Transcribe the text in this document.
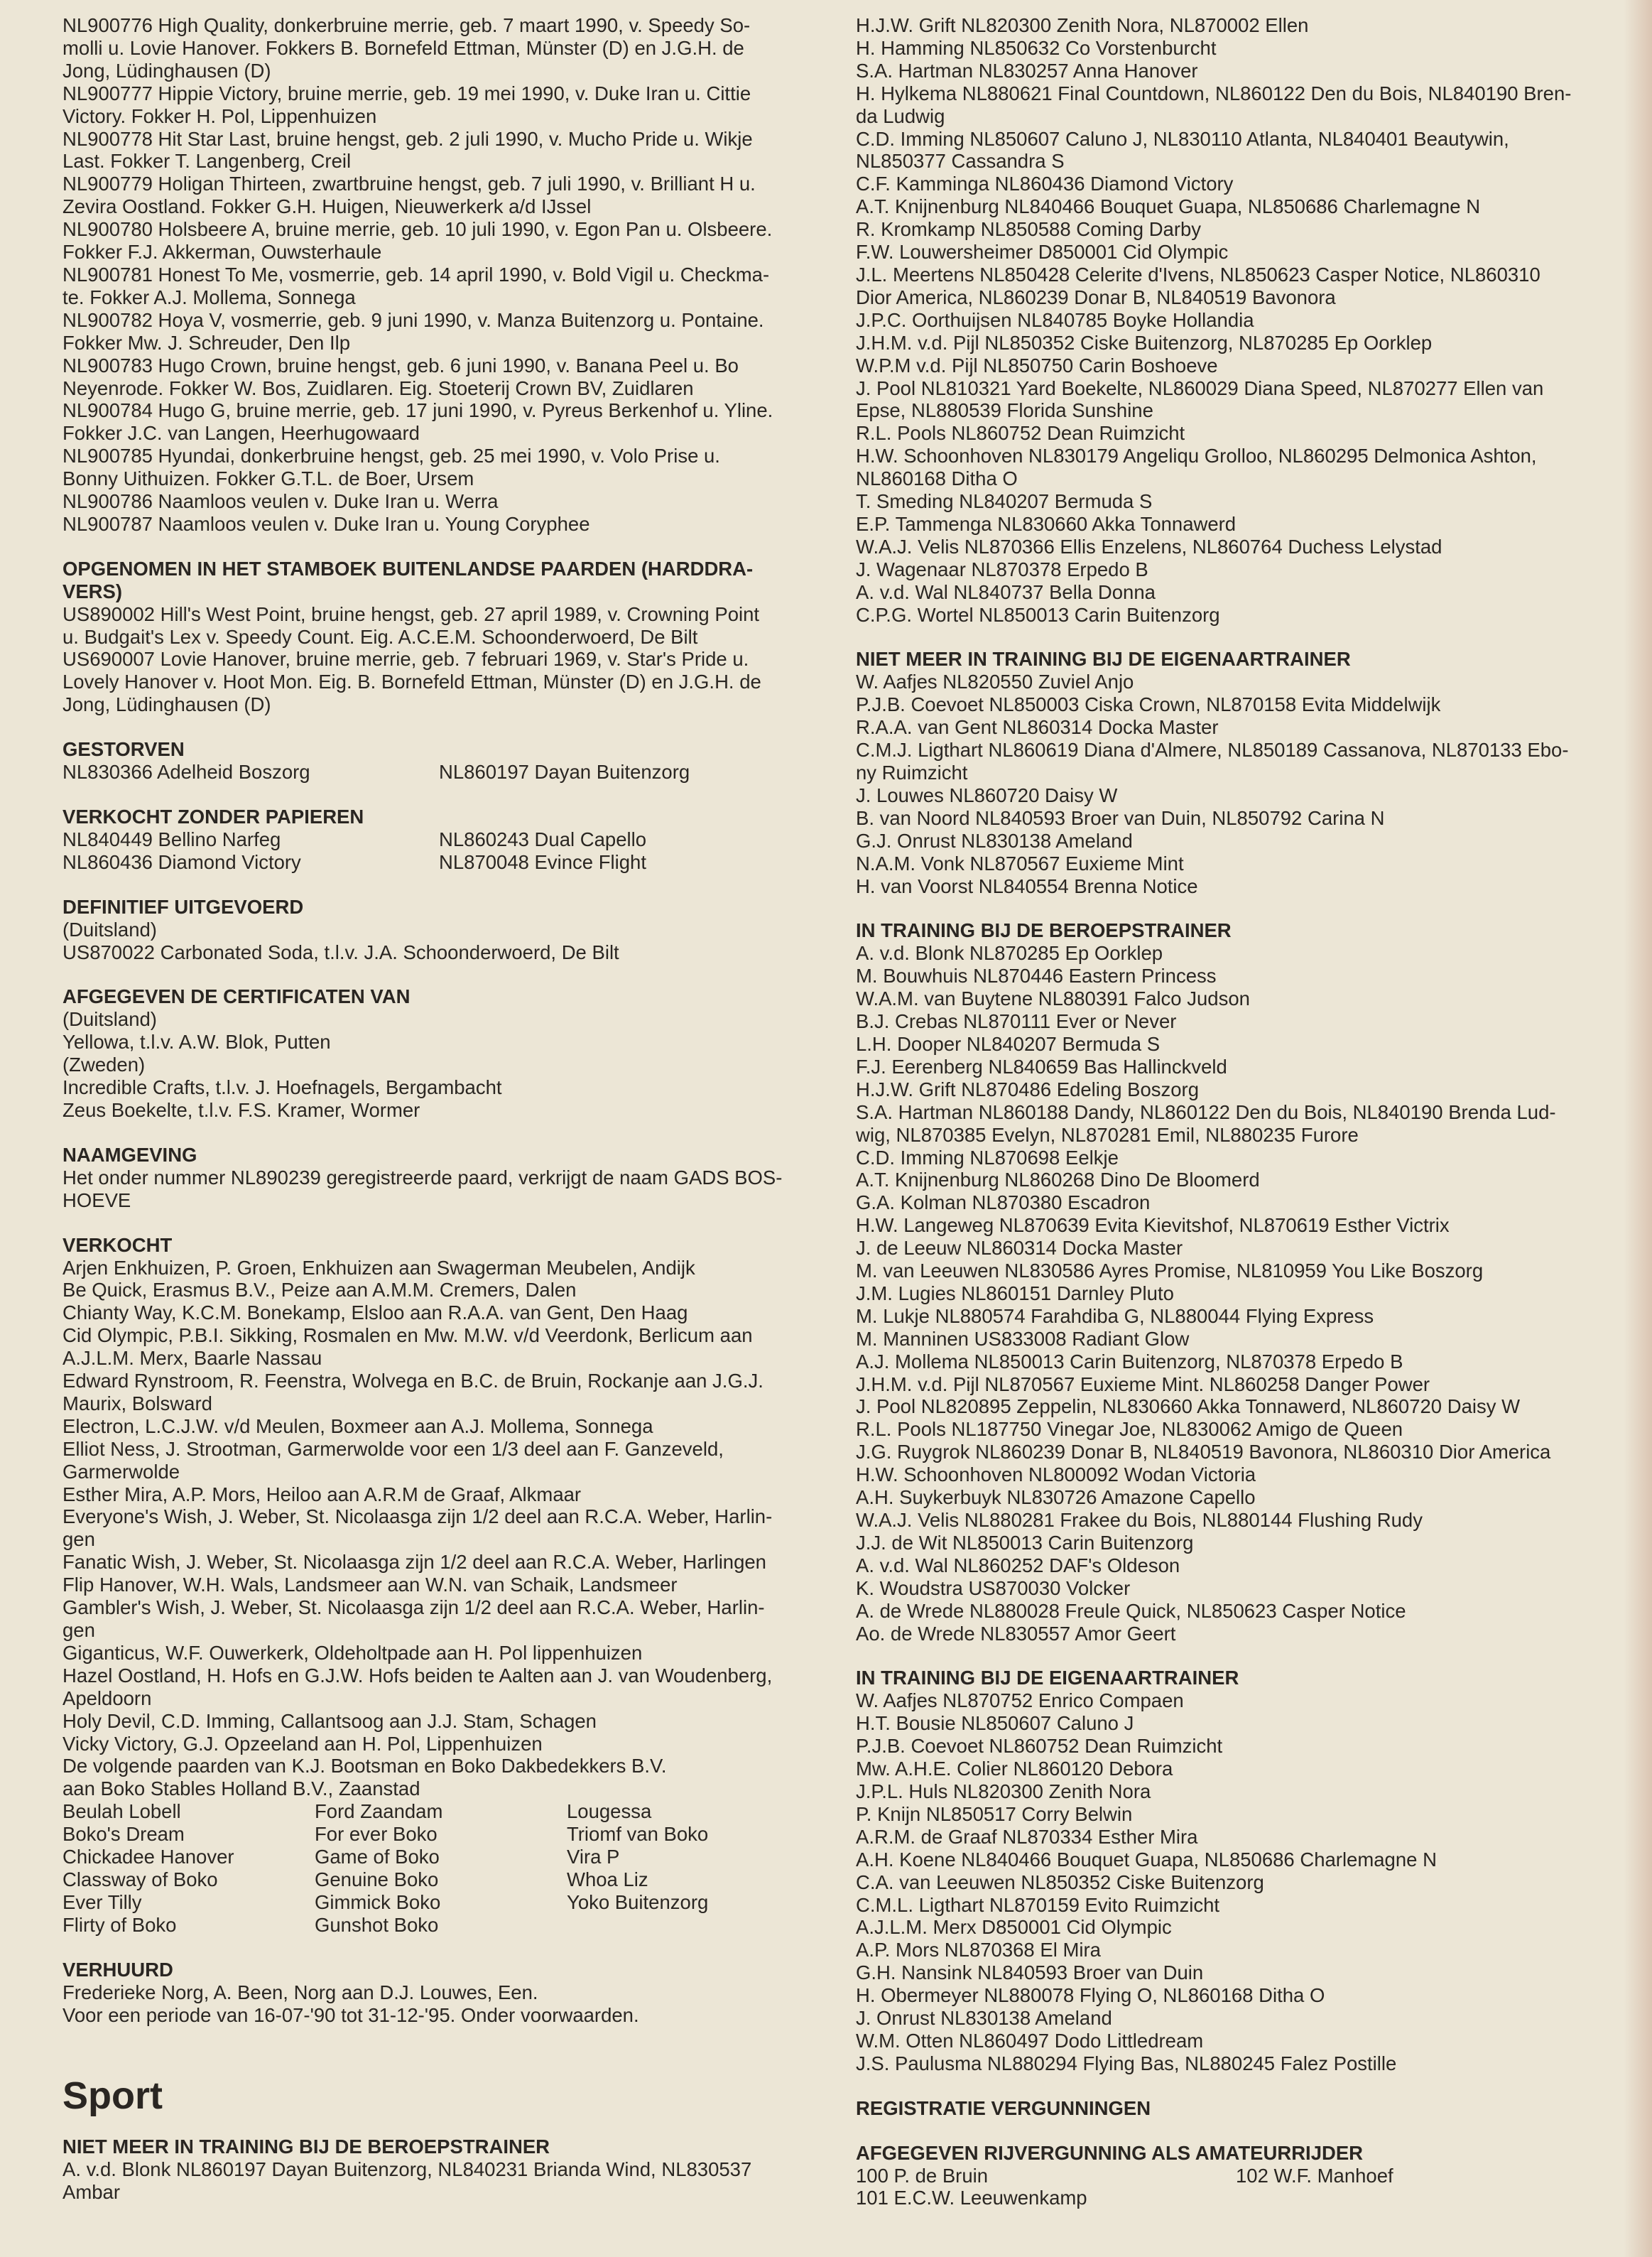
NL900776 High Quality, donkerbruine merrie, geb. 7 maart 1990, v. Speedy So-
molli u. Lovie Hanover. Fokkers B. Bornefeld Ettman, Münster (D) en J.G.H. de
Jong, Lüdinghausen (D)
NL900777 Hippie Victory, bruine merrie, geb. 19 mei 1990, v. Duke Iran u. Cittie
Victory. Fokker H. Pol, Lippenhuizen
NL900778 Hit Star Last, bruine hengst, geb. 2 juli 1990, v. Mucho Pride u. Wikje
Last. Fokker T. Langenberg, Creil
NL900779 Holigan Thirteen, zwartbruine hengst, geb. 7 juli 1990, v. Brilliant H u.
Zevira Oostland. Fokker G.H. Huigen, Nieuwerkerk a/d IJssel
NL900780 Holsbeere A, bruine merrie, geb. 10 juli 1990, v. Egon Pan u. Olsbeere.
Fokker F.J. Akkerman, Ouwsterhaule
NL900781 Honest To Me, vosmerrie, geb. 14 april 1990, v. Bold Vigil u. Checkma-
te. Fokker A.J. Mollema, Sonnega
NL900782 Hoya V, vosmerrie, geb. 9 juni 1990, v. Manza Buitenzorg u. Pontaine.
Fokker Mw. J. Schreuder, Den Ilp
NL900783 Hugo Crown, bruine hengst, geb. 6 juni 1990, v. Banana Peel u. Bo
Neyenrode. Fokker W. Bos, Zuidlaren. Eig. Stoeterij Crown BV, Zuidlaren
NL900784 Hugo G, bruine merrie, geb. 17 juni 1990, v. Pyreus Berkenhof u. Yline.
Fokker J.C. van Langen, Heerhugowaard
NL900785 Hyundai, donkerbruine hengst, geb. 25 mei 1990, v. Volo Prise u.
Bonny Uithuizen. Fokker G.T.L. de Boer, Ursem
NL900786 Naamloos veulen v. Duke Iran u. Werra
NL900787 Naamloos veulen v. Duke Iran u. Young Coryphee
OPGENOMEN IN HET STAMBOEK BUITENLANDSE PAARDEN (HARDDRA-
VERS)
US890002 Hill's West Point, bruine hengst, geb. 27 april 1989, v. Crowning Point
u. Budgait's Lex v. Speedy Count. Eig. A.C.E.M. Schoonderwoerd, De Bilt
US690007 Lovie Hanover, bruine merrie, geb. 7 februari 1969, v. Star's Pride u.
Lovely Hanover v. Hoot Mon. Eig. B. Bornefeld Ettman, Münster (D) en J.G.H. de
Jong, Lüdinghausen (D)
GESTORVEN
NL830366 Adelheid Boszorg	NL860197 Dayan Buitenzorg
VERKOCHT ZONDER PAPIEREN
NL840449 Bellino Narfeg	NL860243 Dual Capello
NL860436 Diamond Victory	NL870048 Evince Flight
DEFINITIEF UITGEVOERD
(Duitsland)
US870022 Carbonated Soda, t.l.v. J.A. Schoonderwoerd, De Bilt
AFGEGEVEN DE CERTIFICATEN VAN
(Duitsland)
Yellowa, t.l.v. A.W. Blok, Putten
(Zweden)
Incredible Crafts, t.l.v. J. Hoefnagels, Bergambacht
Zeus Boekelte, t.l.v. F.S. Kramer, Wormer
NAAMGEVING
Het onder nummer NL890239 geregistreerde paard, verkrijgt de naam GADS BOS-
HOEVE
VERKOCHT
Arjen Enkhuizen, P. Groen, Enkhuizen aan Swagerman Meubelen, Andijk
Be Quick, Erasmus B.V., Peize aan A.M.M. Cremers, Dalen
Chianty Way, K.C.M. Bonekamp, Elsloo aan R.A.A. van Gent, Den Haag
Cid Olympic, P.B.I. Sikking, Rosmalen en Mw. M.W. v/d Veerdonk, Berlicum aan
A.J.L.M. Merx, Baarle Nassau
Edward Rynstroom, R. Feenstra, Wolvega en B.C. de Bruin, Rockanje aan J.G.J.
Maurix, Bolsward
Electron, L.C.J.W. v/d Meulen, Boxmeer aan A.J. Mollema, Sonnega
Elliot Ness, J. Strootman, Garmerwolde voor een 1/3 deel aan F. Ganzeveld,
Garmerwolde
Esther Mira, A.P. Mors, Heiloo aan A.R.M de Graaf, Alkmaar
Everyone's Wish, J. Weber, St. Nicolaasga zijn 1/2 deel aan R.C.A. Weber, Harlin-
gen
Fanatic Wish, J. Weber, St. Nicolaasga zijn 1/2 deel aan R.C.A. Weber, Harlingen
Flip Hanover, W.H. Wals, Landsmeer aan W.N. van Schaik, Landsmeer
Gambler's Wish, J. Weber, St. Nicolaasga zijn 1/2 deel aan R.C.A. Weber, Harlin-
gen
Giganticus, W.F. Ouwerkerk, Oldeholtpade aan H. Pol lippenhuizen
Hazel Oostland, H. Hofs en G.J.W. Hofs beiden te Aalten aan J. van Woudenberg,
Apeldoorn
Holy Devil, C.D. Imming, Callantsoog aan J.J. Stam, Schagen
Vicky Victory, G.J. Opzeeland aan H. Pol, Lippenhuizen
De volgende paarden van K.J. Bootsman en Boko Dakbedekkers B.V.
aan Boko Stables Holland B.V., Zaanstad
Beulah Lobell	Ford Zaandam	Lougessa
Boko's Dream	For ever Boko	Triomf van Boko
Chickadee Hanover	Game of Boko	Vira P
Classway of Boko	Genuine Boko	Whoa Liz
Ever Tilly	Gimmick Boko	Yoko Buitenzorg
Flirty of Boko	Gunshot Boko
VERHUURD
Frederieke Norg, A. Been, Norg aan D.J. Louwes, Een.
Voor een periode van 16-07-'90 tot 31-12-'95. Onder voorwaarden.
Sport
NIET MEER IN TRAINING BIJ DE BEROEPSTRAINER
A. v.d. Blonk NL860197 Dayan Buitenzorg, NL840231 Brianda Wind, NL830537
Ambar
H.J.W. Grift NL820300 Zenith Nora, NL870002 Ellen
H. Hamming NL850632 Co Vorstenburcht
S.A. Hartman NL830257 Anna Hanover
H. Hylkema NL880621 Final Countdown, NL860122 Den du Bois, NL840190 Bren-
da Ludwig
C.D. Imming NL850607 Caluno J, NL830110 Atlanta, NL840401 Beautywin,
NL850377 Cassandra S
C.F. Kamminga NL860436 Diamond Victory
A.T. Knijnenburg NL840466 Bouquet Guapa, NL850686 Charlemagne N
R. Kromkamp NL850588 Coming Darby
F.W. Louwersheimer D850001 Cid Olympic
J.L. Meertens NL850428 Celerite d'Ivens, NL850623 Casper Notice, NL860310
Dior America, NL860239 Donar B, NL840519 Bavonora
J.P.C. Oorthuijsen NL840785 Boyke Hollandia
J.H.M. v.d. Pijl NL850352 Ciske Buitenzorg, NL870285 Ep Oorklep
W.P.M v.d. Pijl NL850750 Carin Boshoeve
J. Pool NL810321 Yard Boekelte, NL860029 Diana Speed, NL870277 Ellen van
Epse, NL880539 Florida Sunshine
R.L. Pools NL860752 Dean Ruimzicht
H.W. Schoonhoven NL830179 Angeliqu Grolloo, NL860295 Delmonica Ashton,
NL860168 Ditha O
T. Smeding NL840207 Bermuda S
E.P. Tammenga NL830660 Akka Tonnawerd
W.A.J. Velis NL870366 Ellis Enzelens, NL860764 Duchess Lelystad
J. Wagenaar NL870378 Erpedo B
A. v.d. Wal NL840737 Bella Donna
C.P.G. Wortel NL850013 Carin Buitenzorg
NIET MEER IN TRAINING BIJ DE EIGENAARTRAINER
W. Aafjes NL820550 Zuviel Anjo
P.J.B. Coevoet NL850003 Ciska Crown, NL870158 Evita Middelwijk
R.A.A. van Gent NL860314 Docka Master
C.M.J. Ligthart NL860619 Diana d'Almere, NL850189 Cassanova, NL870133 Ebo-
ny Ruimzicht
J. Louwes NL860720 Daisy W
B. van Noord NL840593 Broer van Duin, NL850792 Carina N
G.J. Onrust NL830138 Ameland
N.A.M. Vonk NL870567 Euxieme Mint
H. van Voorst NL840554 Brenna Notice
IN TRAINING BIJ DE BEROEPSTRAINER
A. v.d. Blonk NL870285 Ep Oorklep
M. Bouwhuis NL870446 Eastern Princess
W.A.M. van Buytene NL880391 Falco Judson
B.J. Crebas NL870111 Ever or Never
L.H. Dooper NL840207 Bermuda S
F.J. Eerenberg NL840659 Bas Hallinckveld
H.J.W. Grift NL870486 Edeling Boszorg
S.A. Hartman NL860188 Dandy, NL860122 Den du Bois, NL840190 Brenda Lud-
wig, NL870385 Evelyn, NL870281 Emil, NL880235 Furore
C.D. Imming NL870698 Eelkje
A.T. Knijnenburg NL860268 Dino De Bloomerd
G.A. Kolman NL870380 Escadron
H.W. Langeweg NL870639 Evita Kievitshof, NL870619 Esther Victrix
J. de Leeuw NL860314 Docka Master
M. van Leeuwen NL830586 Ayres Promise, NL810959 You Like Boszorg
J.M. Lugies NL860151 Darnley Pluto
M. Lukje NL880574 Farahdiba G, NL880044 Flying Express
M. Manninen US833008 Radiant Glow
A.J. Mollema NL850013 Carin Buitenzorg, NL870378 Erpedo B
J.H.M. v.d. Pijl NL870567 Euxieme Mint. NL860258 Danger Power
J. Pool NL820895 Zeppelin, NL830660 Akka Tonnawerd, NL860720 Daisy W
R.L. Pools NL187750 Vinegar Joe, NL830062 Amigo de Queen
J.G. Ruygrok NL860239 Donar B, NL840519 Bavonora, NL860310 Dior America
H.W. Schoonhoven NL800092 Wodan Victoria
A.H. Suykerbuyk NL830726 Amazone Capello
W.A.J. Velis NL880281 Frakee du Bois, NL880144 Flushing Rudy
J.J. de Wit NL850013 Carin Buitenzorg
A. v.d. Wal NL860252 DAF's Oldeson
K. Woudstra US870030 Volcker
A. de Wrede NL880028 Freule Quick, NL850623 Casper Notice
Ao. de Wrede NL830557 Amor Geert
IN TRAINING BIJ DE EIGENAARTRAINER
W. Aafjes NL870752 Enrico Compaen
H.T. Bousie NL850607 Caluno J
P.J.B. Coevoet NL860752 Dean Ruimzicht
Mw. A.H.E. Colier NL860120 Debora
J.P.L. Huls NL820300 Zenith Nora
P. Knijn NL850517 Corry Belwin
A.R.M. de Graaf NL870334 Esther Mira
A.H. Koene NL840466 Bouquet Guapa, NL850686 Charlemagne N
C.A. van Leeuwen NL850352 Ciske Buitenzorg
C.M.L. Ligthart NL870159 Evito Ruimzicht
A.J.L.M. Merx D850001 Cid Olympic
A.P. Mors NL870368 El Mira
G.H. Nansink NL840593 Broer van Duin
H. Obermeyer NL880078 Flying O, NL860168 Ditha O
J. Onrust NL830138 Ameland
W.M. Otten NL860497 Dodo Littledream
J.S. Paulusma NL880294 Flying Bas, NL880245 Falez Postille
REGISTRATIE VERGUNNINGEN
AFGEGEVEN RIJVERGUNNING ALS AMATEURRIJDER
100 P. de Bruin	102 W.F. Manhoef
101 E.C.W. Leeuwenkamp
